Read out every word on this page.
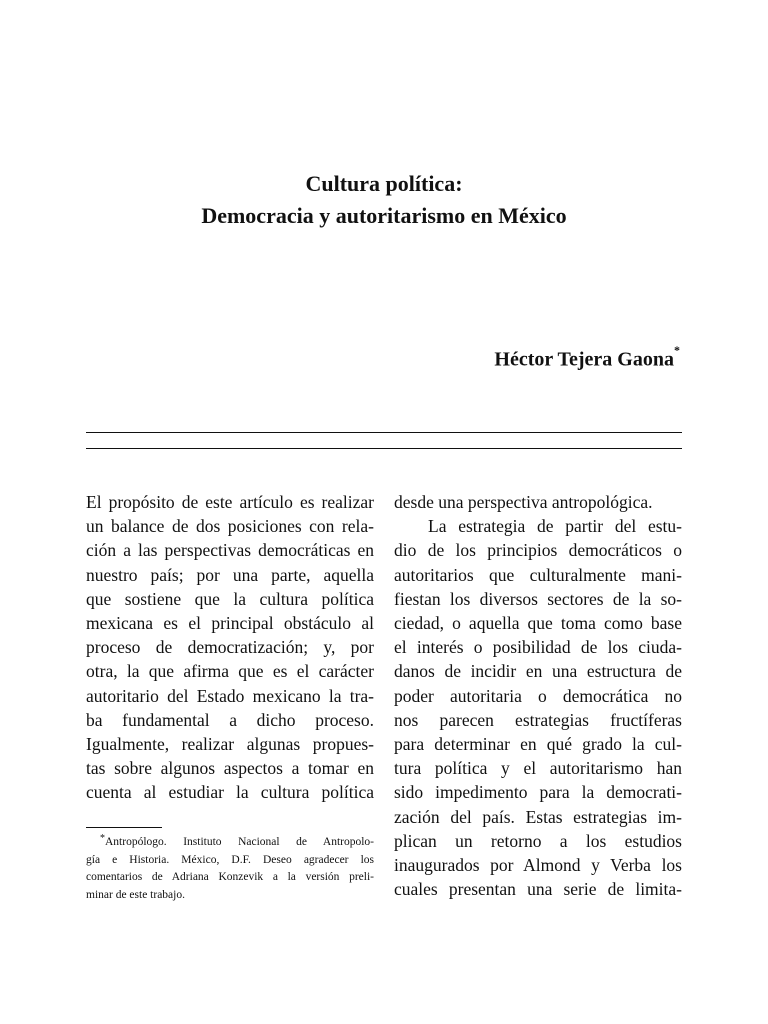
Cultura política:

Democracia y autoritarismo en México

Héctor Tejera Gaona*
El propósito de este artículo es realizar
un balance de dos posiciones con rela-
ción a las perspectivas democráticas en
nuestro país; por una parte, aquella
que sostiene que la cultura política
mexicana es el principal obstáculo al
proceso de democratización; y, por
otra, la que afirma que es el carácter
autoritario del Estado mexicano la tra-
ba fundamental a dicho proceso.
Igualmente, realizar algunas propues-
tas sobre algunos aspectos a tomar en
cuenta al estudiar la cultura política
*Antropólogo. Instituto Nacional de Antropolo-
gía e Historia. México, D.F. Deseo agradecer los
comentarios de Adriana Konzevik a la versión preli-
minar de este trabajo.
desde una perspectiva antropológica.
La estrategia de partir del estu-
dio de los principios democráticos o
autoritarios que culturalmente mani-
fiestan los diversos sectores de la so-
ciedad, o aquella que toma como base
el interés o posibilidad de los ciuda-
danos de incidir en una estructura de
poder autoritaria o democrática no
nos parecen estrategias fructíferas
para determinar en qué grado la cul-
tura política y el autoritarismo han
sido impedimento para la democrati-
zación del país. Estas estrategias im-
plican un retorno a los estudios
inaugurados por Almond y Verba los
cuales presentan una serie de limita-
